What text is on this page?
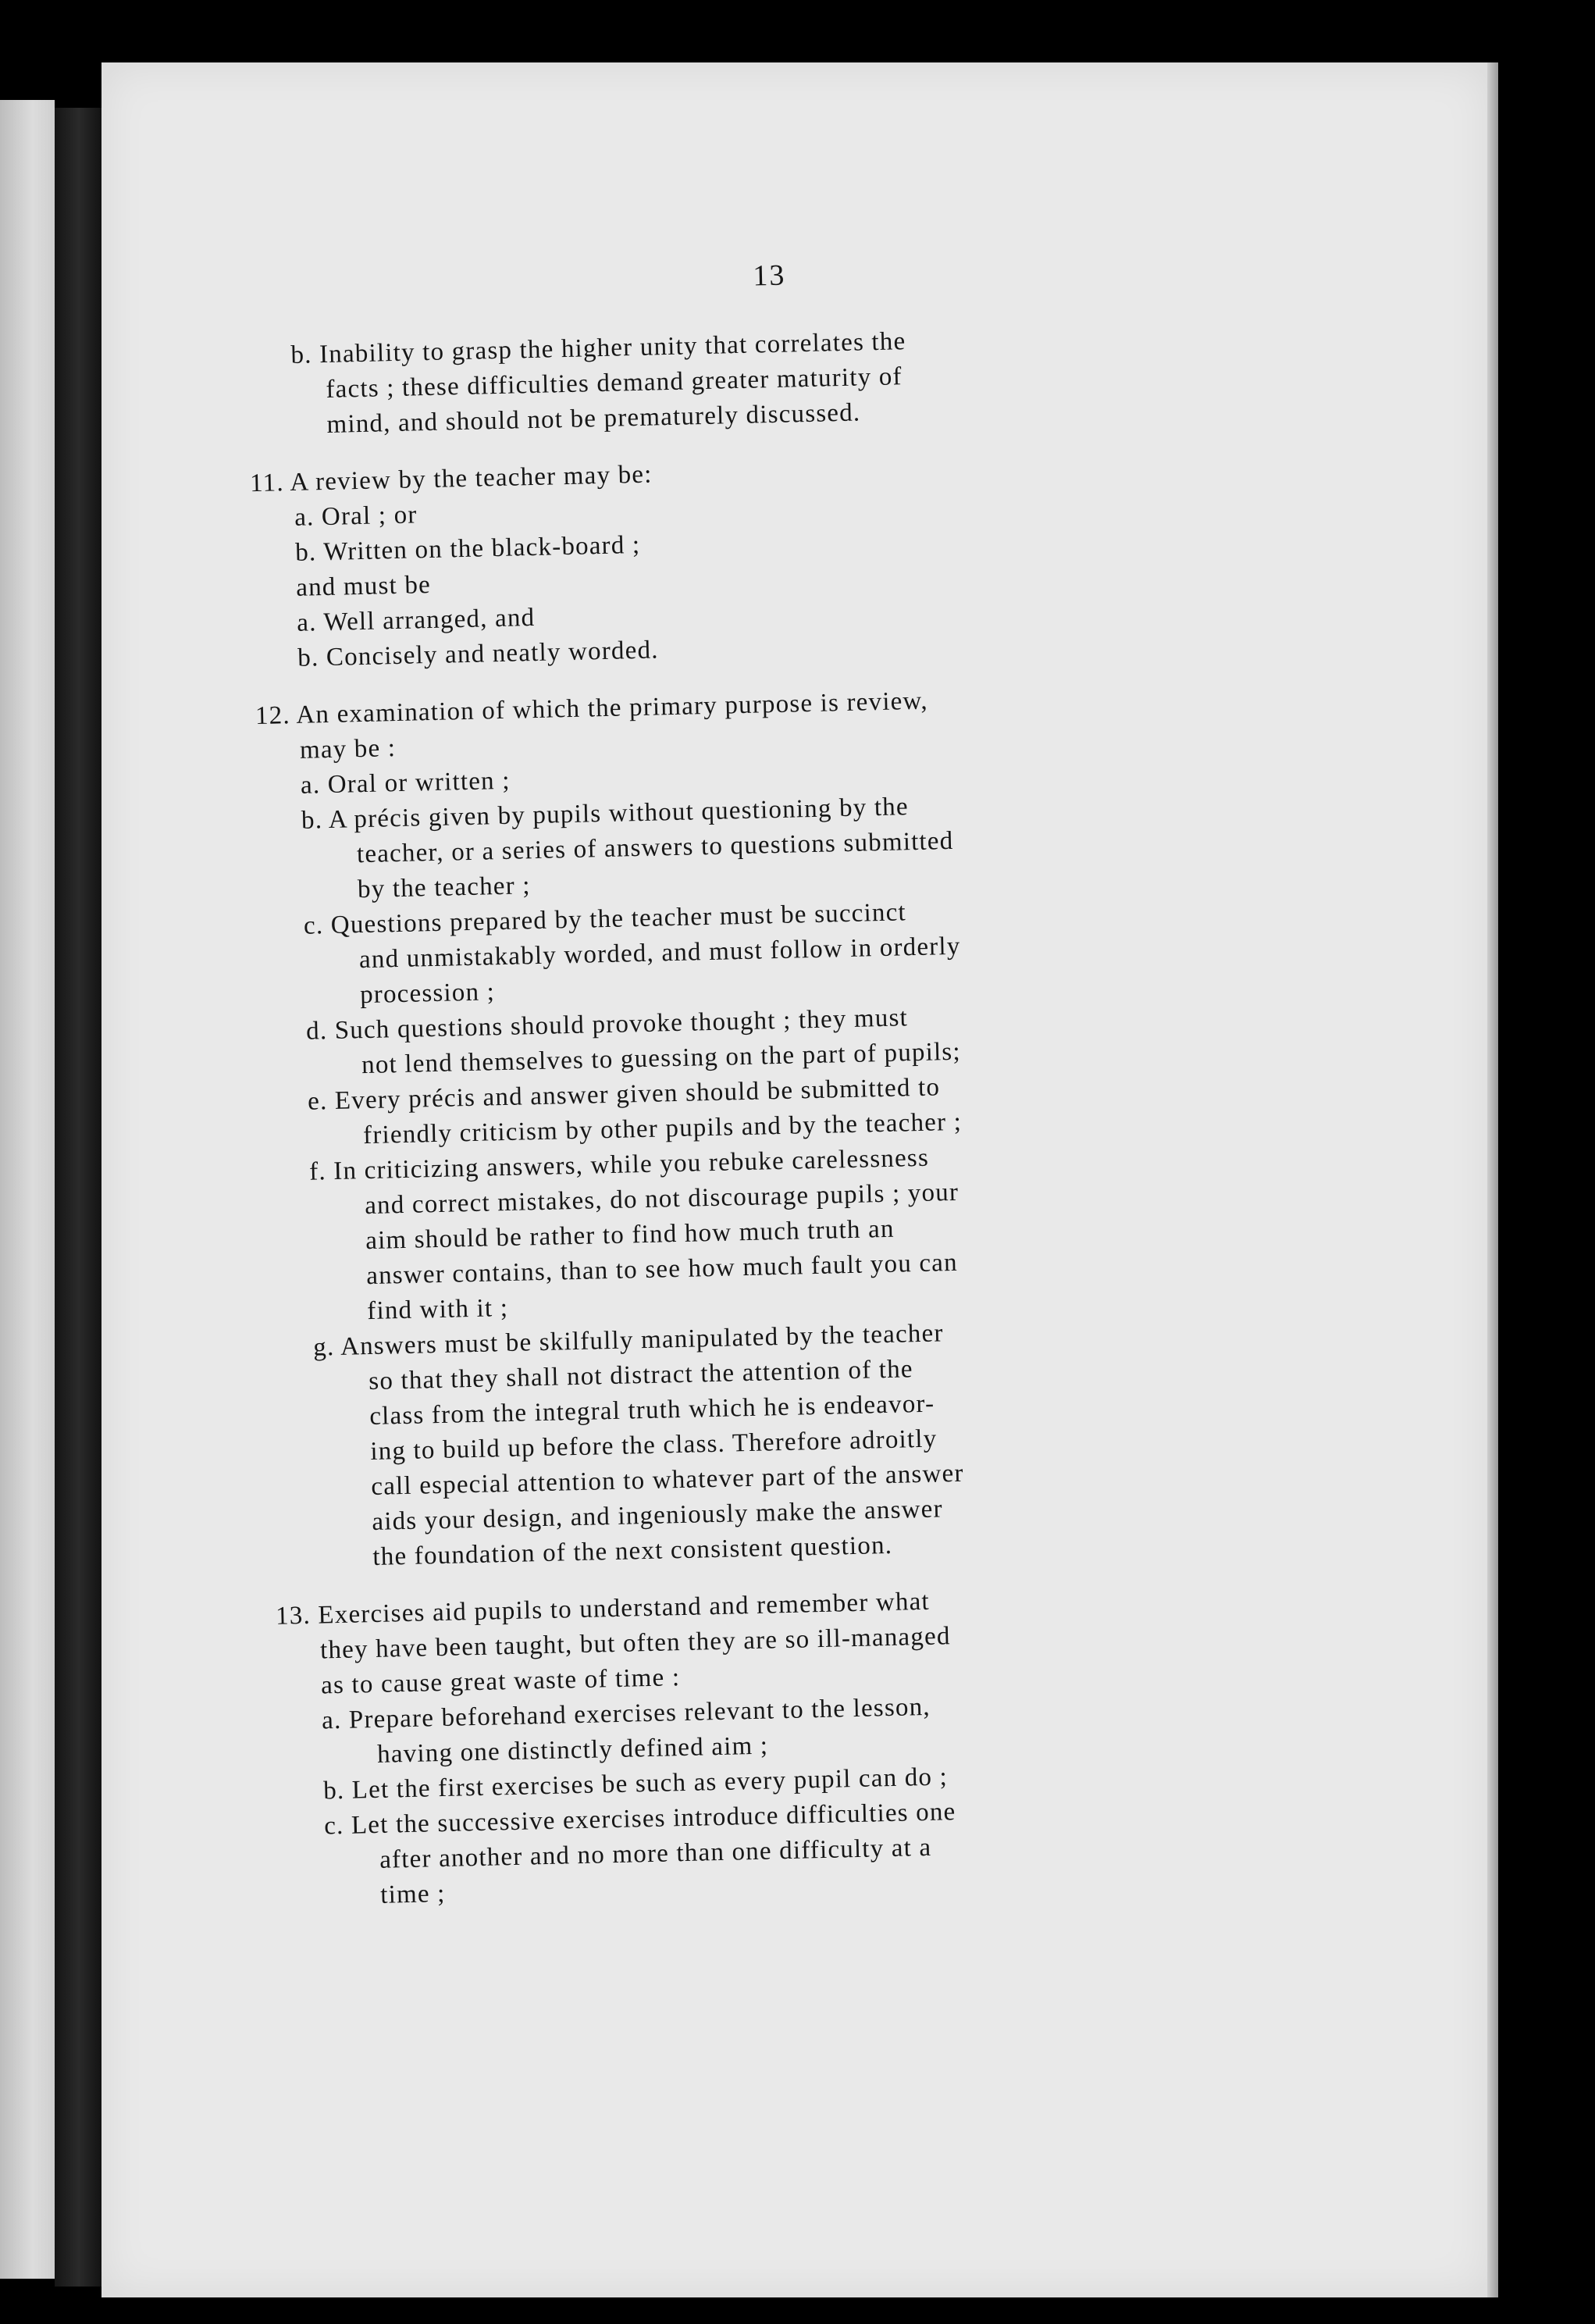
13

b. Inability to grasp the higher unity that correlates the

facts ; these difficulties demand greater maturity of

mind, and should not be prematurely discussed.

11. A review by the teacher may be:

a. Oral ; or

b. Written on the black-board ;

and must be

a. Well arranged, and

b. Concisely and neatly worded.

12. An examination of which the primary purpose is review,

may be :

a. Oral or written ;

b. A précis given by pupils without questioning by the

teacher, or a series of answers to questions submitted

by the teacher ;

c. Questions prepared by the teacher must be succinct

and unmistakably worded, and must follow in orderly

procession ;

d. Such questions should provoke thought ; they must

not lend themselves to guessing on the part of pupils;

e. Every précis and answer given should be submitted to

friendly criticism by other pupils and by the teacher ;

f. In criticizing answers, while you rebuke carelessness

and correct mistakes, do not discourage pupils ; your

aim should be rather to find how much truth an

answer contains, than to see how much fault you can

find with it ;

g. Answers must be skilfully manipulated by the teacher

so that they shall not distract the attention of the

class from the integral truth which he is endeavor-

ing to build up before the class. Therefore adroitly

call especial attention to whatever part of the answer

aids your design, and ingeniously make the answer

the foundation of the next consistent question.

13. Exercises aid pupils to understand and remember what

they have been taught, but often they are so ill-managed

as to cause great waste of time :

a. Prepare beforehand exercises relevant to the lesson,

having one distinctly defined aim ;

b. Let the first exercises be such as every pupil can do ;

c. Let the successive exercises introduce difficulties one

after another and no more than one difficulty at a

time ;
